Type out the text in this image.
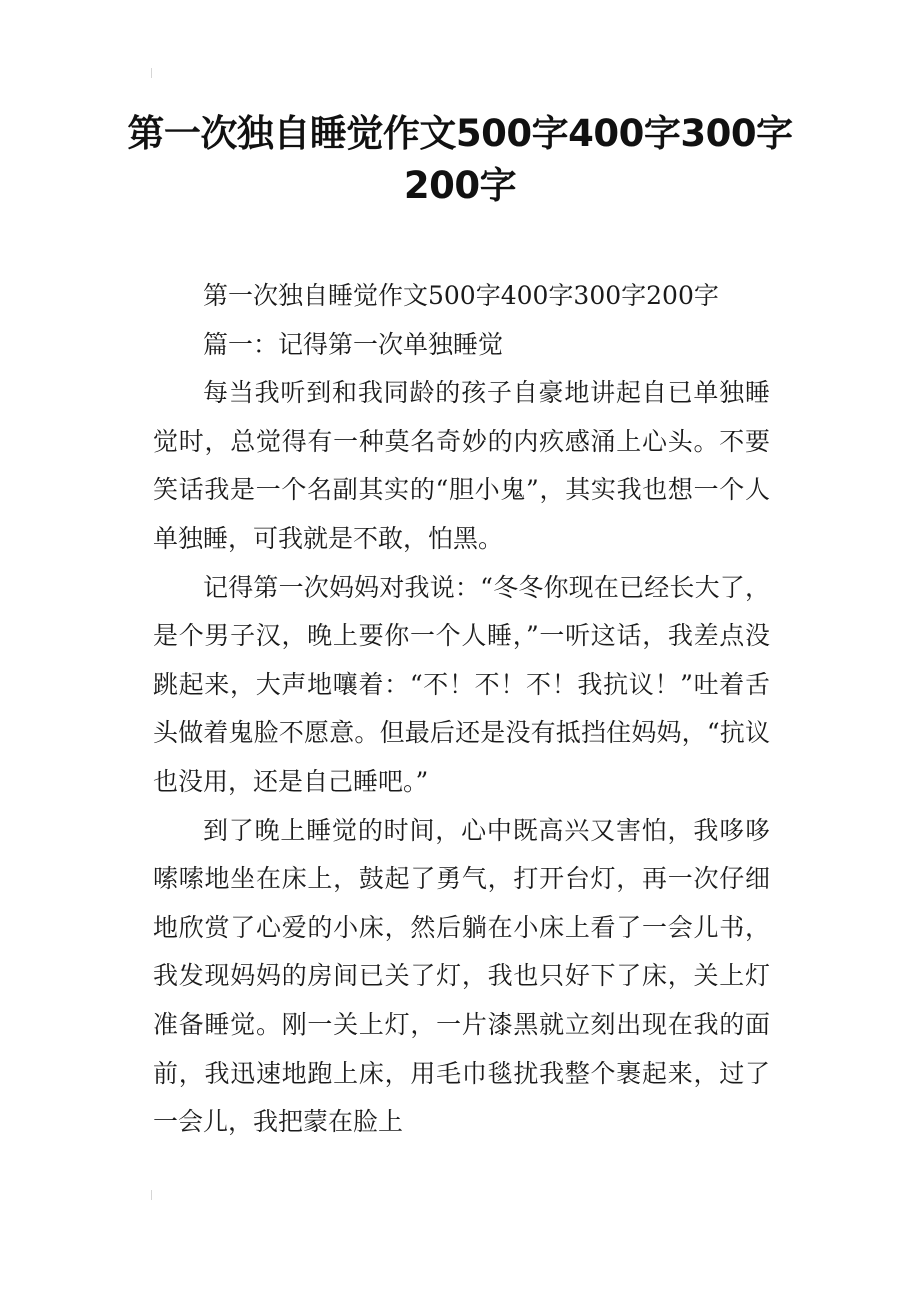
第一次独自睡觉作文500字400字300字200字

第一次独自睡觉作文500字400字300字200字

篇一：记得第一次单独睡觉

每当我听到和我同龄的孩子自豪地讲起自已单独睡觉时，总觉得有一种莫名奇妙的内疚感涌上心头。不要笑话我是一个名副其实的“胆小鬼”，其实我也想一个人单独睡，可我就是不敢，怕黑。

记得第一次妈妈对我说：“冬冬你现在已经长大了，是个男子汉，晚上要你一个人睡，”一听这话，我差点没跳起来，大声地嚷着：“不！不！不！我抗议！”吐着舌头做着鬼脸不愿意。但最后还是没有抵挡住妈妈，“抗议也没用，还是自己睡吧。”

到了晚上睡觉的时间，心中既高兴又害怕，我哆哆嗦嗦地坐在床上，鼓起了勇气，打开台灯，再一次仔细地欣赏了心爱的小床，然后躺在小床上看了一会儿书，我发现妈妈的房间已关了灯，我也只好下了床，关上灯准备睡觉。刚一关上灯，一片漆黑就立刻出现在我的面前，我迅速地跑上床，用毛巾毯扰我整个裹起来，过了一会儿，我把蒙在脸上
